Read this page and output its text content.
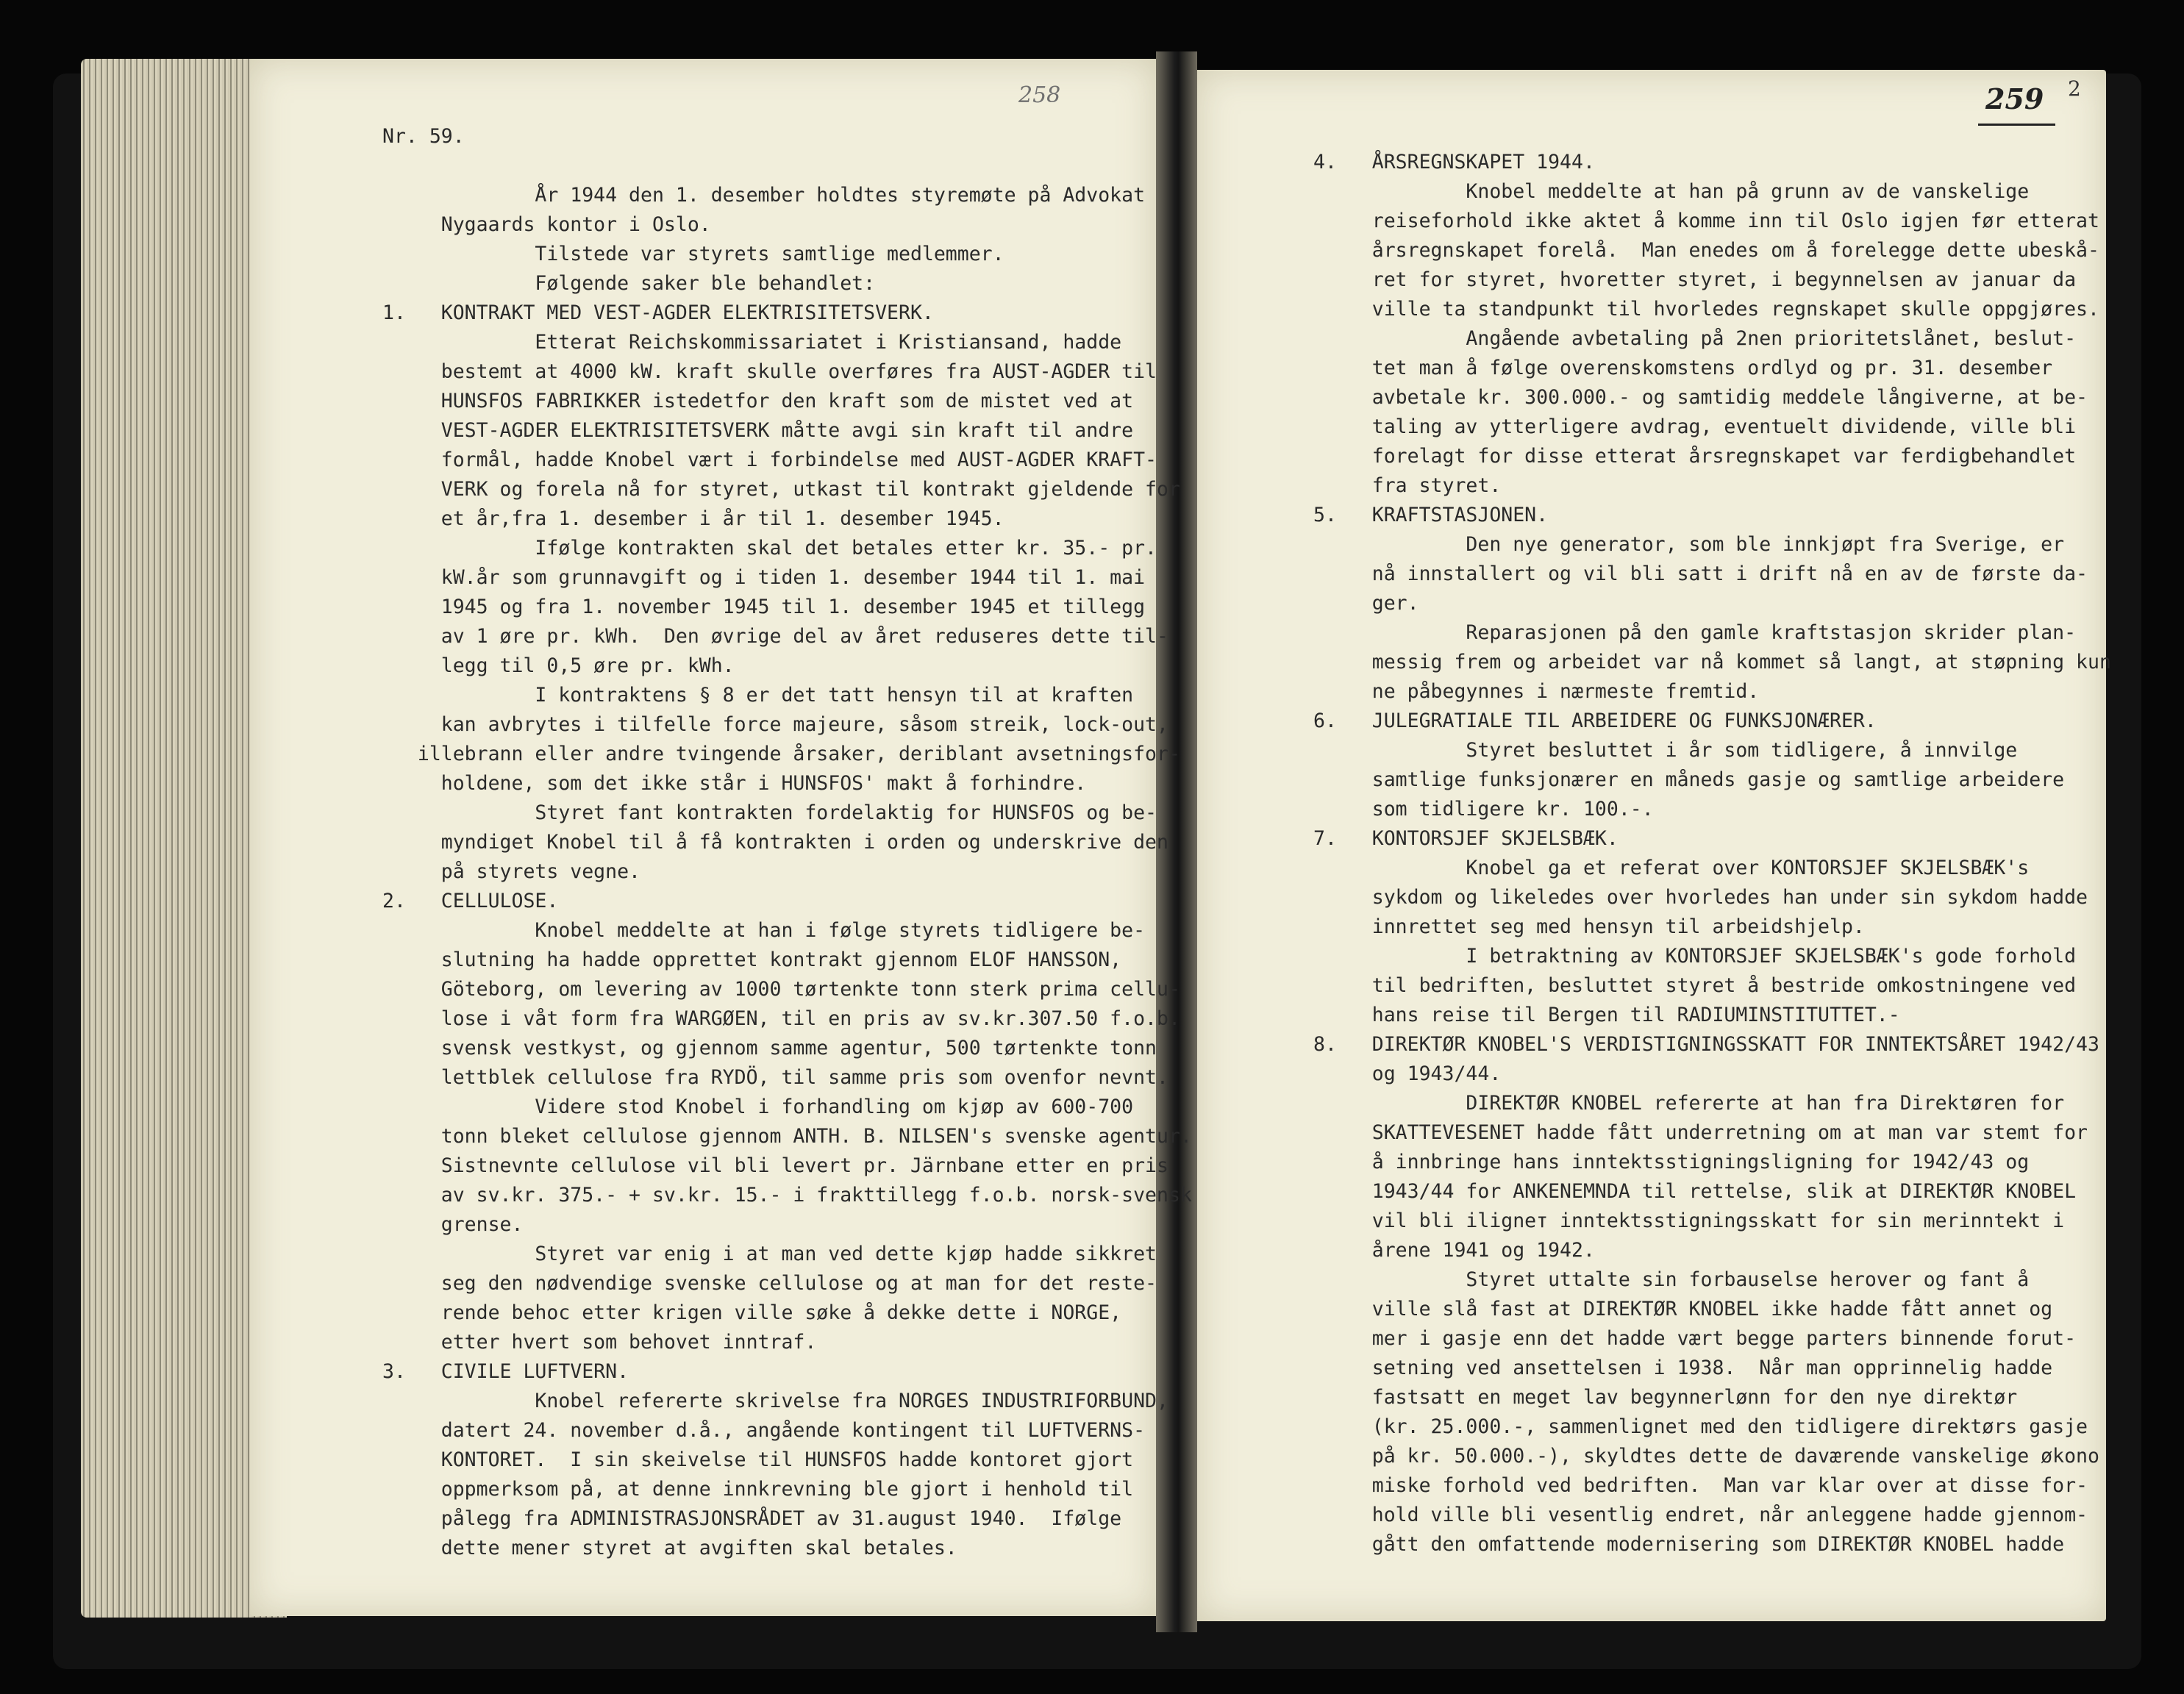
258	259 2
Nr. 59.

År 1944 den 1. desember holdtes styremøte på Advokat
Nygaards kontor i Oslo.
Tilstede var styrets samtlige medlemmer.
Følgende saker ble behandlet:
1.   KONTRAKT MED VEST-AGDER ELEKTRISITETSVERK.
Etterat Reichskommissariatet i Kristiansand, hadde
bestemt at 4000 kW. kraft skulle overføres fra AUST-AGDER til
HUNSFOS FABRIKKER istedetfor den kraft som de mistet ved at
VEST-AGDER ELEKTRISITETSVERK måtte avgi sin kraft til andre
formål, hadde Knobel vært i forbindelse med AUST-AGDER KRAFT-
VERK og forela nå for styret, utkast til kontrakt gjeldende for
et år,fra 1. desember i år til 1. desember 1945.
Ifølge kontrakten skal det betales etter kr. 35.- pr.
kW.år som grunnavgift og i tiden 1. desember 1944 til 1. mai
1945 og fra 1. november 1945 til 1. desember 1945 et tillegg
av 1 øre pr. kWh.  Den øvrige del av året reduseres dette til-
legg til 0,5 øre pr. kWh.
I kontraktens § 8 er det tatt hensyn til at kraften
kan avbrytes i tilfelle force majeure, såsom streik, lock-out,
illebrann eller andre tvingende årsaker, deriblant avsetningsfor-
holdene, som det ikke står i HUNSFOS' makt å forhindre.
Styret fant kontrakten fordelaktig for HUNSFOS og be-
myndiget Knobel til å få kontrakten i orden og underskrive den
på styrets vegne.
2.   CELLULOSE.
Knobel meddelte at han i følge styrets tidligere be-
slutning ha hadde opprettet kontrakt gjennom ELOF HANSSON,
Göteborg, om levering av 1000 tørtenkte tonn sterk prima cellu-
lose i våt form fra WARGØEN, til en pris av sv.kr.307.50 f.o.b.
svensk vestkyst, og gjennom samme agentur, 500 tørtenkte tonn
lettblek cellulose fra RYDÖ, til samme pris som ovenfor nevnt.
Videre stod Knobel i forhandling om kjøp av 600-700
tonn bleket cellulose gjennom ANTH. B. NILSEN's svenske agentur.
Sistnevnte cellulose vil bli levert pr. Järnbane etter en pris
av sv.kr. 375.- + sv.kr. 15.- i frakttillegg f.o.b. norsk-svensk
grense.
Styret var enig i at man ved dette kjøp hadde sikkret
seg den nødvendige svenske cellulose og at man for det reste-
rende behoc etter krigen ville søke å dekke dette i NORGE,
etter hvert som behovet inntraf.
3.   CIVILE LUFTVERN.
Knobel refererte skrivelse fra NORGES INDUSTRIFORBUND,
datert 24. november d.å., angående kontingent til LUFTVERNS-
KONTORET.  I sin skeivelse til HUNSFOS hadde kontoret gjort
oppmerksom på, at denne innkrevning ble gjort i henhold til
pålegg fra ADMINISTRASJONSRÅDET av 31.august 1940.  Ifølge
dette mener styret at avgiften skal betales.
4.   ÅRSREGNSKAPET 1944.
Knobel meddelte at han på grunn av de vanskelige
reiseforhold ikke aktet å komme inn til Oslo igjen før etterat
årsregnskapet forelå.  Man enedes om å forelegge dette ubeskå-
ret for styret, hvoretter styret, i begynnelsen av januar da
ville ta standpunkt til hvorledes regnskapet skulle oppgjøres.
Angående avbetaling på 2nen prioritetslånet, beslut-
tet man å følge overenskomstens ordlyd og pr. 31. desember
avbetale kr. 300.000.- og samtidig meddele långiverne, at be-
taling av ytterligere avdrag, eventuelt dividende, ville bli
forelagt for disse etterat årsregnskapet var ferdigbehandlet
fra styret.
5.   KRAFTSTASJONEN.
Den nye generator, som ble innkjøpt fra Sverige, er
nå innstallert og vil bli satt i drift nå en av de første da-
ger.
Reparasjonen på den gamle kraftstasjon skrider plan-
messig frem og arbeidet var nå kommet så langt, at støpning kun
ne påbegynnes i nærmeste fremtid.
6.   JULEGRATIALE TIL ARBEIDERE OG FUNKSJONÆRER.
Styret besluttet i år som tidligere, å innvilge
samtlige funksjonærer en måneds gasje og samtlige arbeidere
som tidligere kr. 100.-.
7.   KONTORSJEF SKJELSBÆK.
Knobel ga et referat over KONTORSJEF SKJELSBÆK's
sykdom og likeledes over hvorledes han under sin sykdom hadde
innrettet seg med hensyn til arbeidshjelp.
I betraktning av KONTORSJEF SKJELSBÆK's gode forhold
til bedriften, besluttet styret å bestride omkostningene ved
hans reise til Bergen til RADIUMINSTITUTTET.-
8.   DIREKTØR KNOBEL'S VERDISTIGNINGSSKATT FOR INNTEKTSÅRET 1942/43
og 1943/44.
DIREKTØR KNOBEL refererte at han fra Direktøren for
SKATTEVESENET hadde fått underretning om at man var stemt for
å innbringe hans inntektsstigningsligning for 1942/43 og
1943/44 for ANKENEMNDA til rettelse, slik at DIREKTØR KNOBEL
vil bli iligneт inntektsstigningsskatt for sin merinntekt i
årene 1941 og 1942.
Styret uttalte sin forbauselse herover og fant å
ville slå fast at DIREKTØR KNOBEL ikke hadde fått annet og
mer i gasje enn det hadde vært begge parters binnende forut-
setning ved ansettelsen i 1938.  Når man opprinnelig hadde
fastsatt en meget lav begynnerlønn for den nye direktør
(kr. 25.000.-, sammenlignet med den tidligere direktørs gasje
på kr. 50.000.-), skyldtes dette de daværende vanskelige økono
miske forhold ved bedriften.  Man var klar over at disse for-
hold ville bli vesentlig endret, når anleggene hadde gjennom-
gått den omfattende modernisering som DIREKTØR KNOBEL hadde
